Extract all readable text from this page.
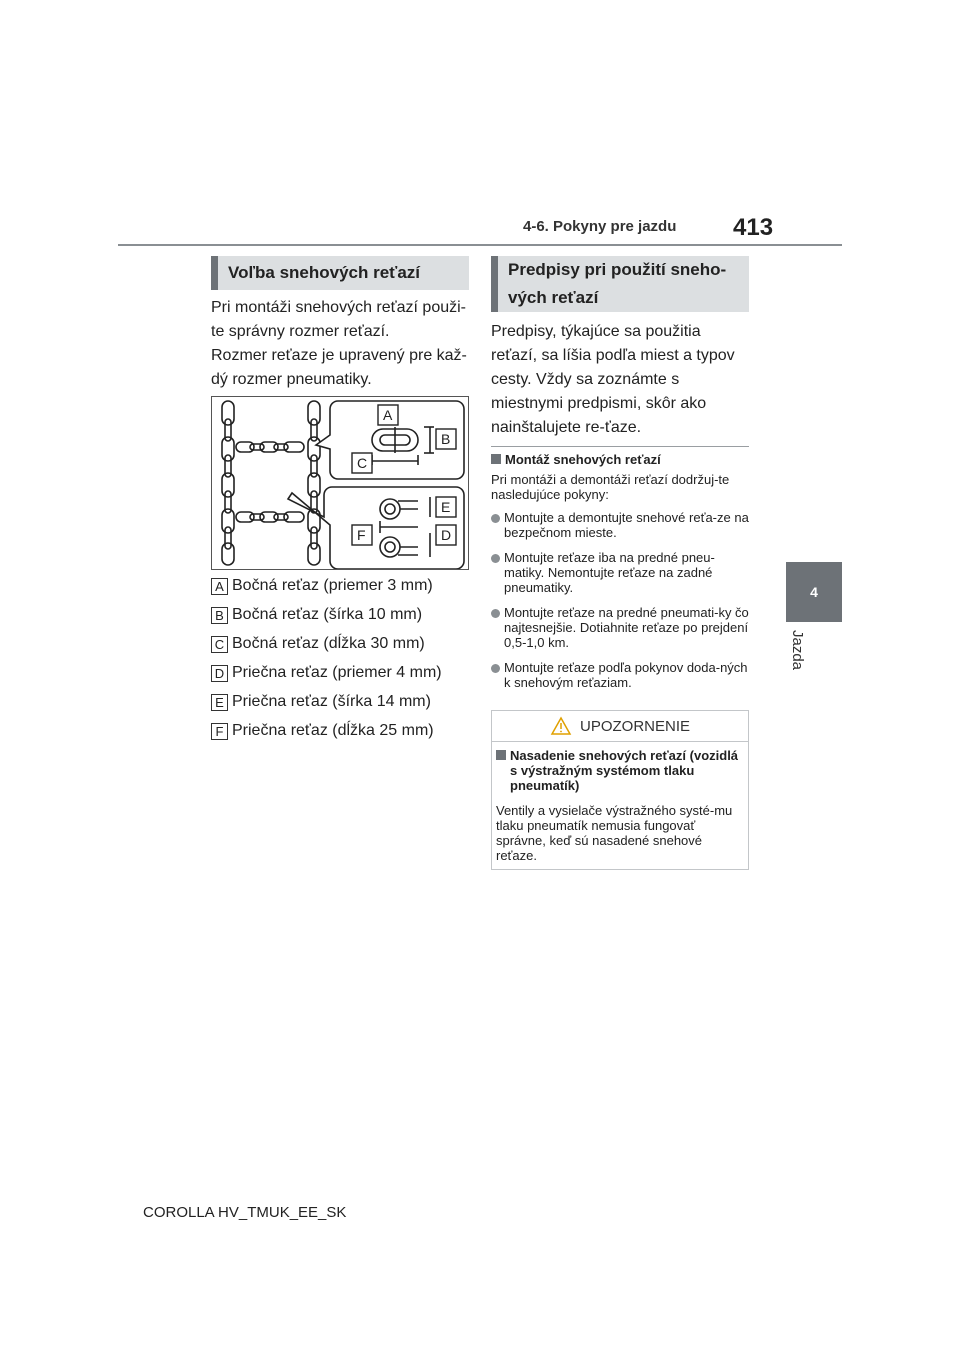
4-6. Pokyny pre jazdu 413
4
Jazda
Voľba snehových reťazí
Pri montáži snehových reťazí použi-te správny rozmer reťazí.
Rozmer reťaze je upravený pre kaž-dý rozmer pneumatiky.
A
B
C
E
F	D
A Bočná reťaz (priemer 3 mm)
B Bočná reťaz (šírka 10 mm)
C Bočná reťaz (dĺžka 30 mm)
D Priečna reťaz (priemer 4 mm)
E Priečna reťaz (šírka 14 mm)
F Priečna reťaz (dĺžka 25 mm)
Predpisy pri použití sneho-vých reťazí
Predpisy, týkajúce sa použitia reťazí, sa líšia podľa miest a typov cesty. Vždy sa zoznámte s miestnymi predpismi, skôr ako nainštalujete re-ťaze.
Montáž snehových reťazí
Pri montáži a demontáži reťazí dodržuj-te nasledujúce pokyny:
Montujte a demontujte snehové reťa-ze na bezpečnom mieste.
Montujte reťaze iba na predné pneu-matiky. Nemontujte reťaze na zadné pneumatiky.
Montujte reťaze na predné pneumati-ky čo najtesnejšie. Dotiahnite reťaze po prejdení 0,5-1,0 km.
Montujte reťaze podľa pokynov doda-ných k snehovým reťaziam.
UPOZORNENIE
Nasadenie snehových reťazí (vozidlá s výstražným systémom tlaku pneumatík)
Ventily a vysielače výstražného systé-mu tlaku pneumatík nemusia fungovať správne, keď sú nasadené snehové reťaze.
COROLLA HV_TMUK_EE_SK
